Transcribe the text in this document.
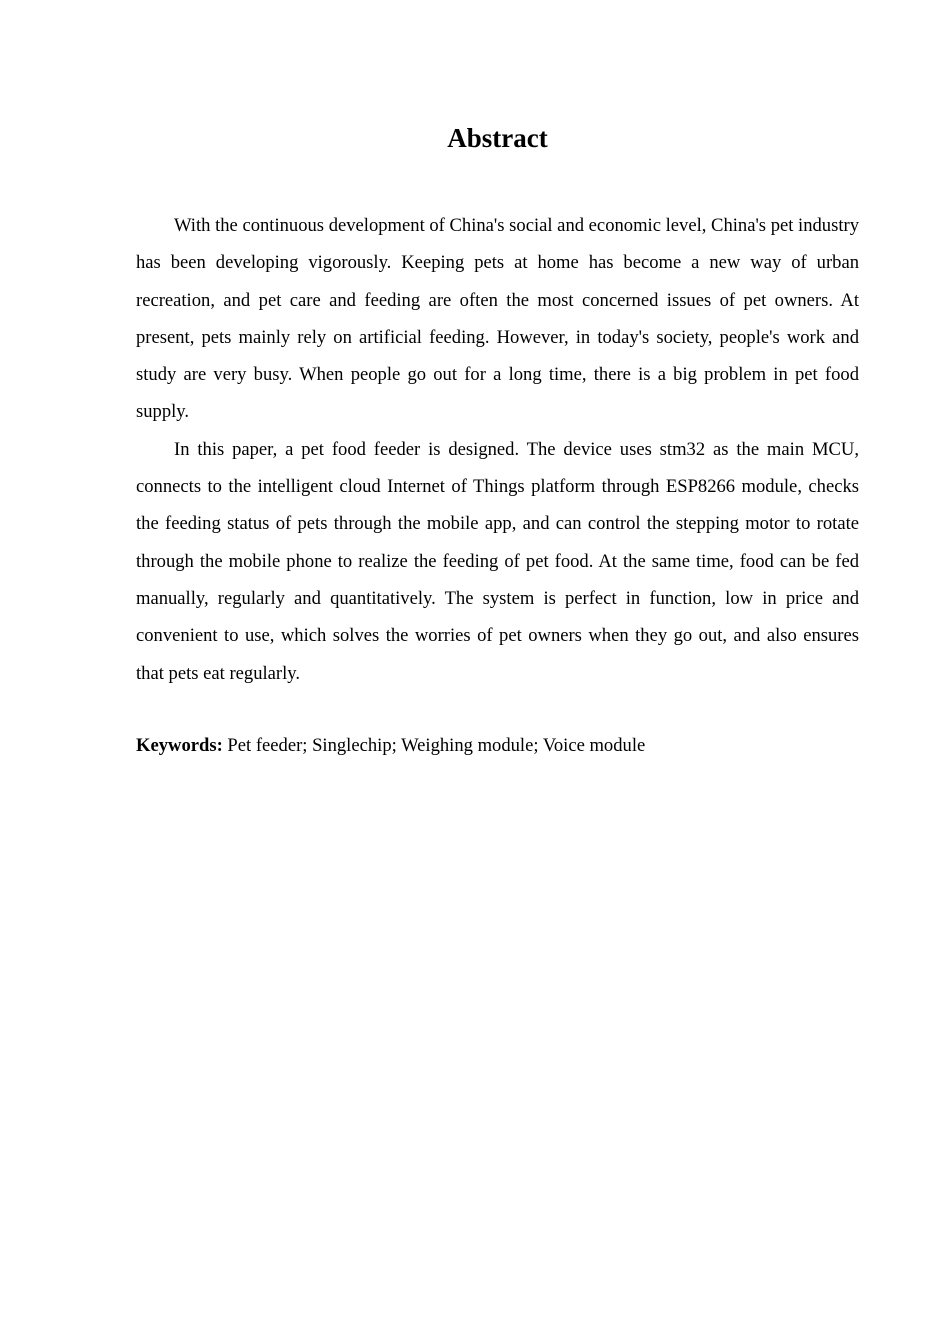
Abstract

With the continuous development of China's social and economic level, China's pet industry has been developing vigorously. Keeping pets at home has become a new way of urban recreation, and pet care and feeding are often the most concerned issues of pet owners. At present, pets mainly rely on artificial feeding. However, in today's society, people's work and study are very busy. When people go out for a long time, there is a big problem in pet food supply.

In this paper, a pet food feeder is designed. The device uses stm32 as the main MCU, connects to the intelligent cloud Internet of Things platform through ESP8266 module, checks the feeding status of pets through the mobile app, and can control the stepping motor to rotate through the mobile phone to realize the feeding of pet food. At the same time, food can be fed manually, regularly and quantitatively. The system is perfect in function, low in price and convenient to use, which solves the worries of pet owners when they go out, and also ensures that pets eat regularly.

Keywords: Pet feeder; Singlechip; Weighing module; Voice module
